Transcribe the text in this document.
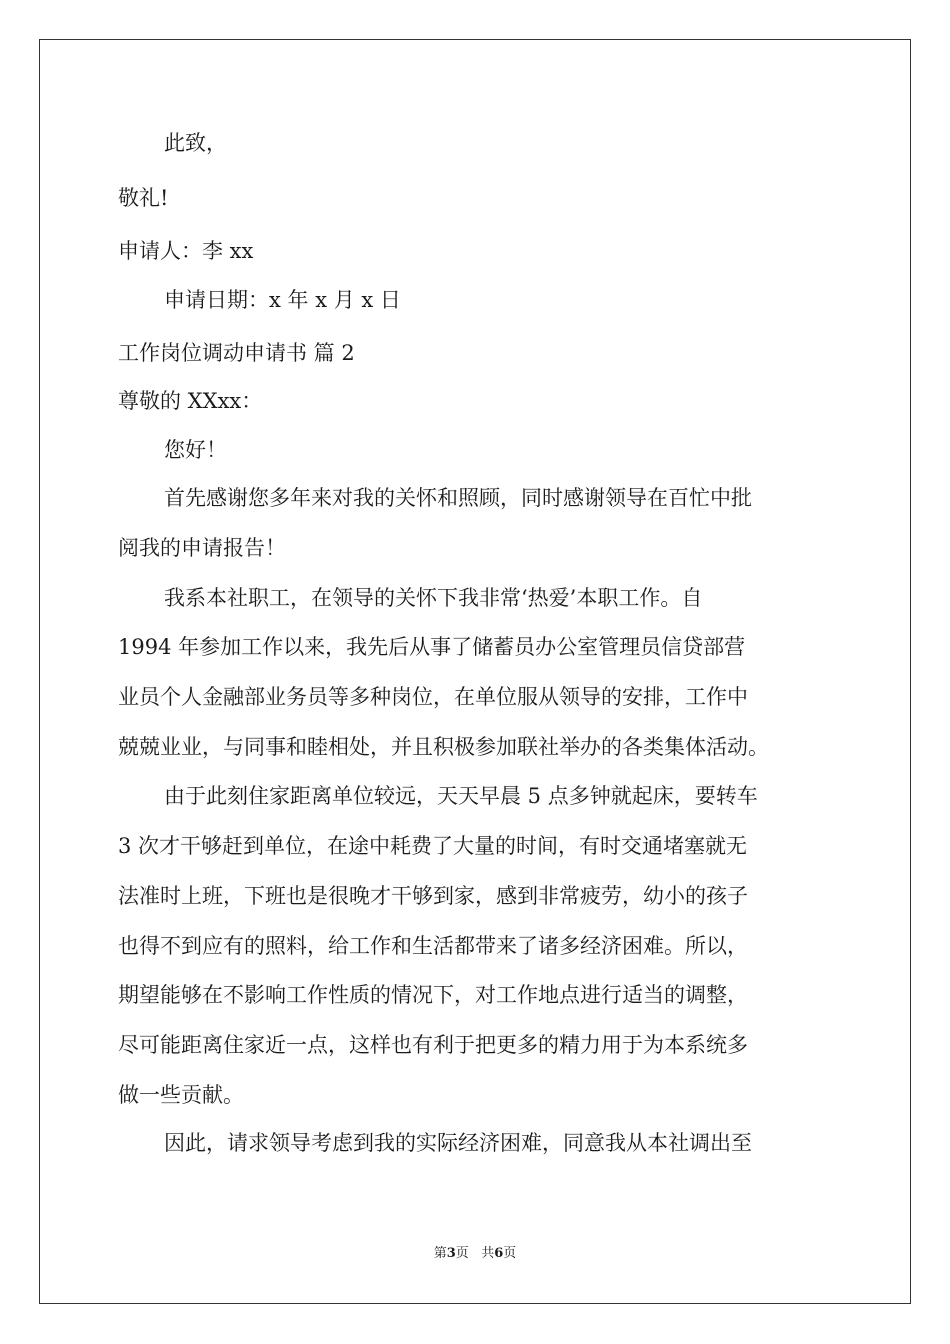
此致，
敬礼!
申请人：李 xx
申请日期：x 年 x 月 x 日
工作岗位调动申请书 篇 2
尊敬的 XXxx：
您好！
首先感谢您多年来对我的关怀和照顾，同时感谢领导在百忙中批
阅我的申请报告！
我系本社职工，在领导的关怀下我非常‘热爱’本职工作。自
1994 年参加工作以来，我先后从事了储蓄员办公室管理员信贷部营
业员个人金融部业务员等多种岗位，在单位服从领导的安排，工作中
兢兢业业，与同事和睦相处，并且积极参加联社举办的各类集体活动。
由于此刻住家距离单位较远，天天早晨 5 点多钟就起床，要转车
3 次才干够赶到单位，在途中耗费了大量的时间，有时交通堵塞就无
法准时上班，下班也是很晚才干够到家，感到非常疲劳，幼小的孩子
也得不到应有的照料，给工作和生活都带来了诸多经济困难。所以，
期望能够在不影响工作性质的情况下，对工作地点进行适当的调整，
尽可能距离住家近一点，这样也有利于把更多的精力用于为本系统多
做一些贡献。
因此，请求领导考虑到我的实际经济困难，同意我从本社调出至
第3页 共6页
